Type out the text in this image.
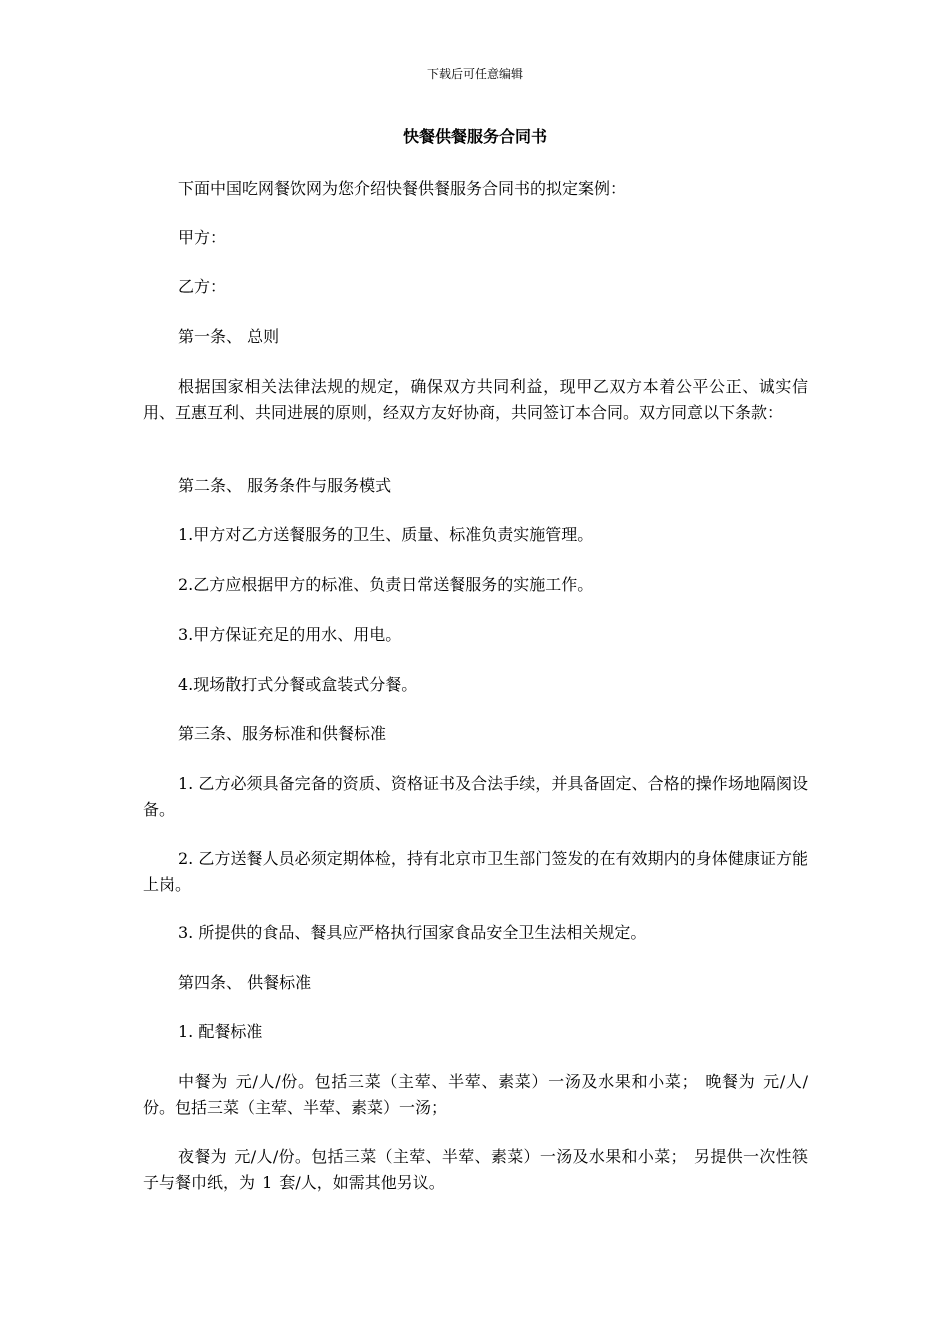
下载后可任意编辑
快餐供餐服务合同书

下面中国吃网餐饮网为您介绍快餐供餐服务合同书的拟定案例：

甲方：

乙方：

第一条、 总则

根据国家相关法律法规的规定，确保双方共同利益，现甲乙双方本着公平公正、诚实信用、互惠互利、共同进展的原则，经双方友好协商，共同签订本合同。双方同意以下条款：

第二条、 服务条件与服务模式

1.甲方对乙方送餐服务的卫生、质量、标准负责实施管理。

2.乙方应根据甲方的标准、负责日常送餐服务的实施工作。

3.甲方保证充足的用水、用电。

4.现场散打式分餐或盒装式分餐。

第三条、服务标准和供餐标准

1. 乙方必须具备完备的资质、资格证书及合法手续，并具备固定、合格的操作场地隔阂设备。

2. 乙方送餐人员必须定期体检，持有北京市卫生部门签发的在有效期内的身体健康证方能上岗。

3. 所提供的食品、餐具应严格执行国家食品安全卫生法相关规定。

第四条、 供餐标准

1. 配餐标准

中餐为 元/人/份。包括三菜（主荤、半荤、素菜）一汤及水果和小菜； 晚餐为 元/人/份。包括三菜（主荤、半荤、素菜）一汤；

夜餐为 元/人/份。包括三菜（主荤、半荤、素菜）一汤及水果和小菜； 另提供一次性筷子与餐巾纸，为 1 套/人，如需其他另议。
